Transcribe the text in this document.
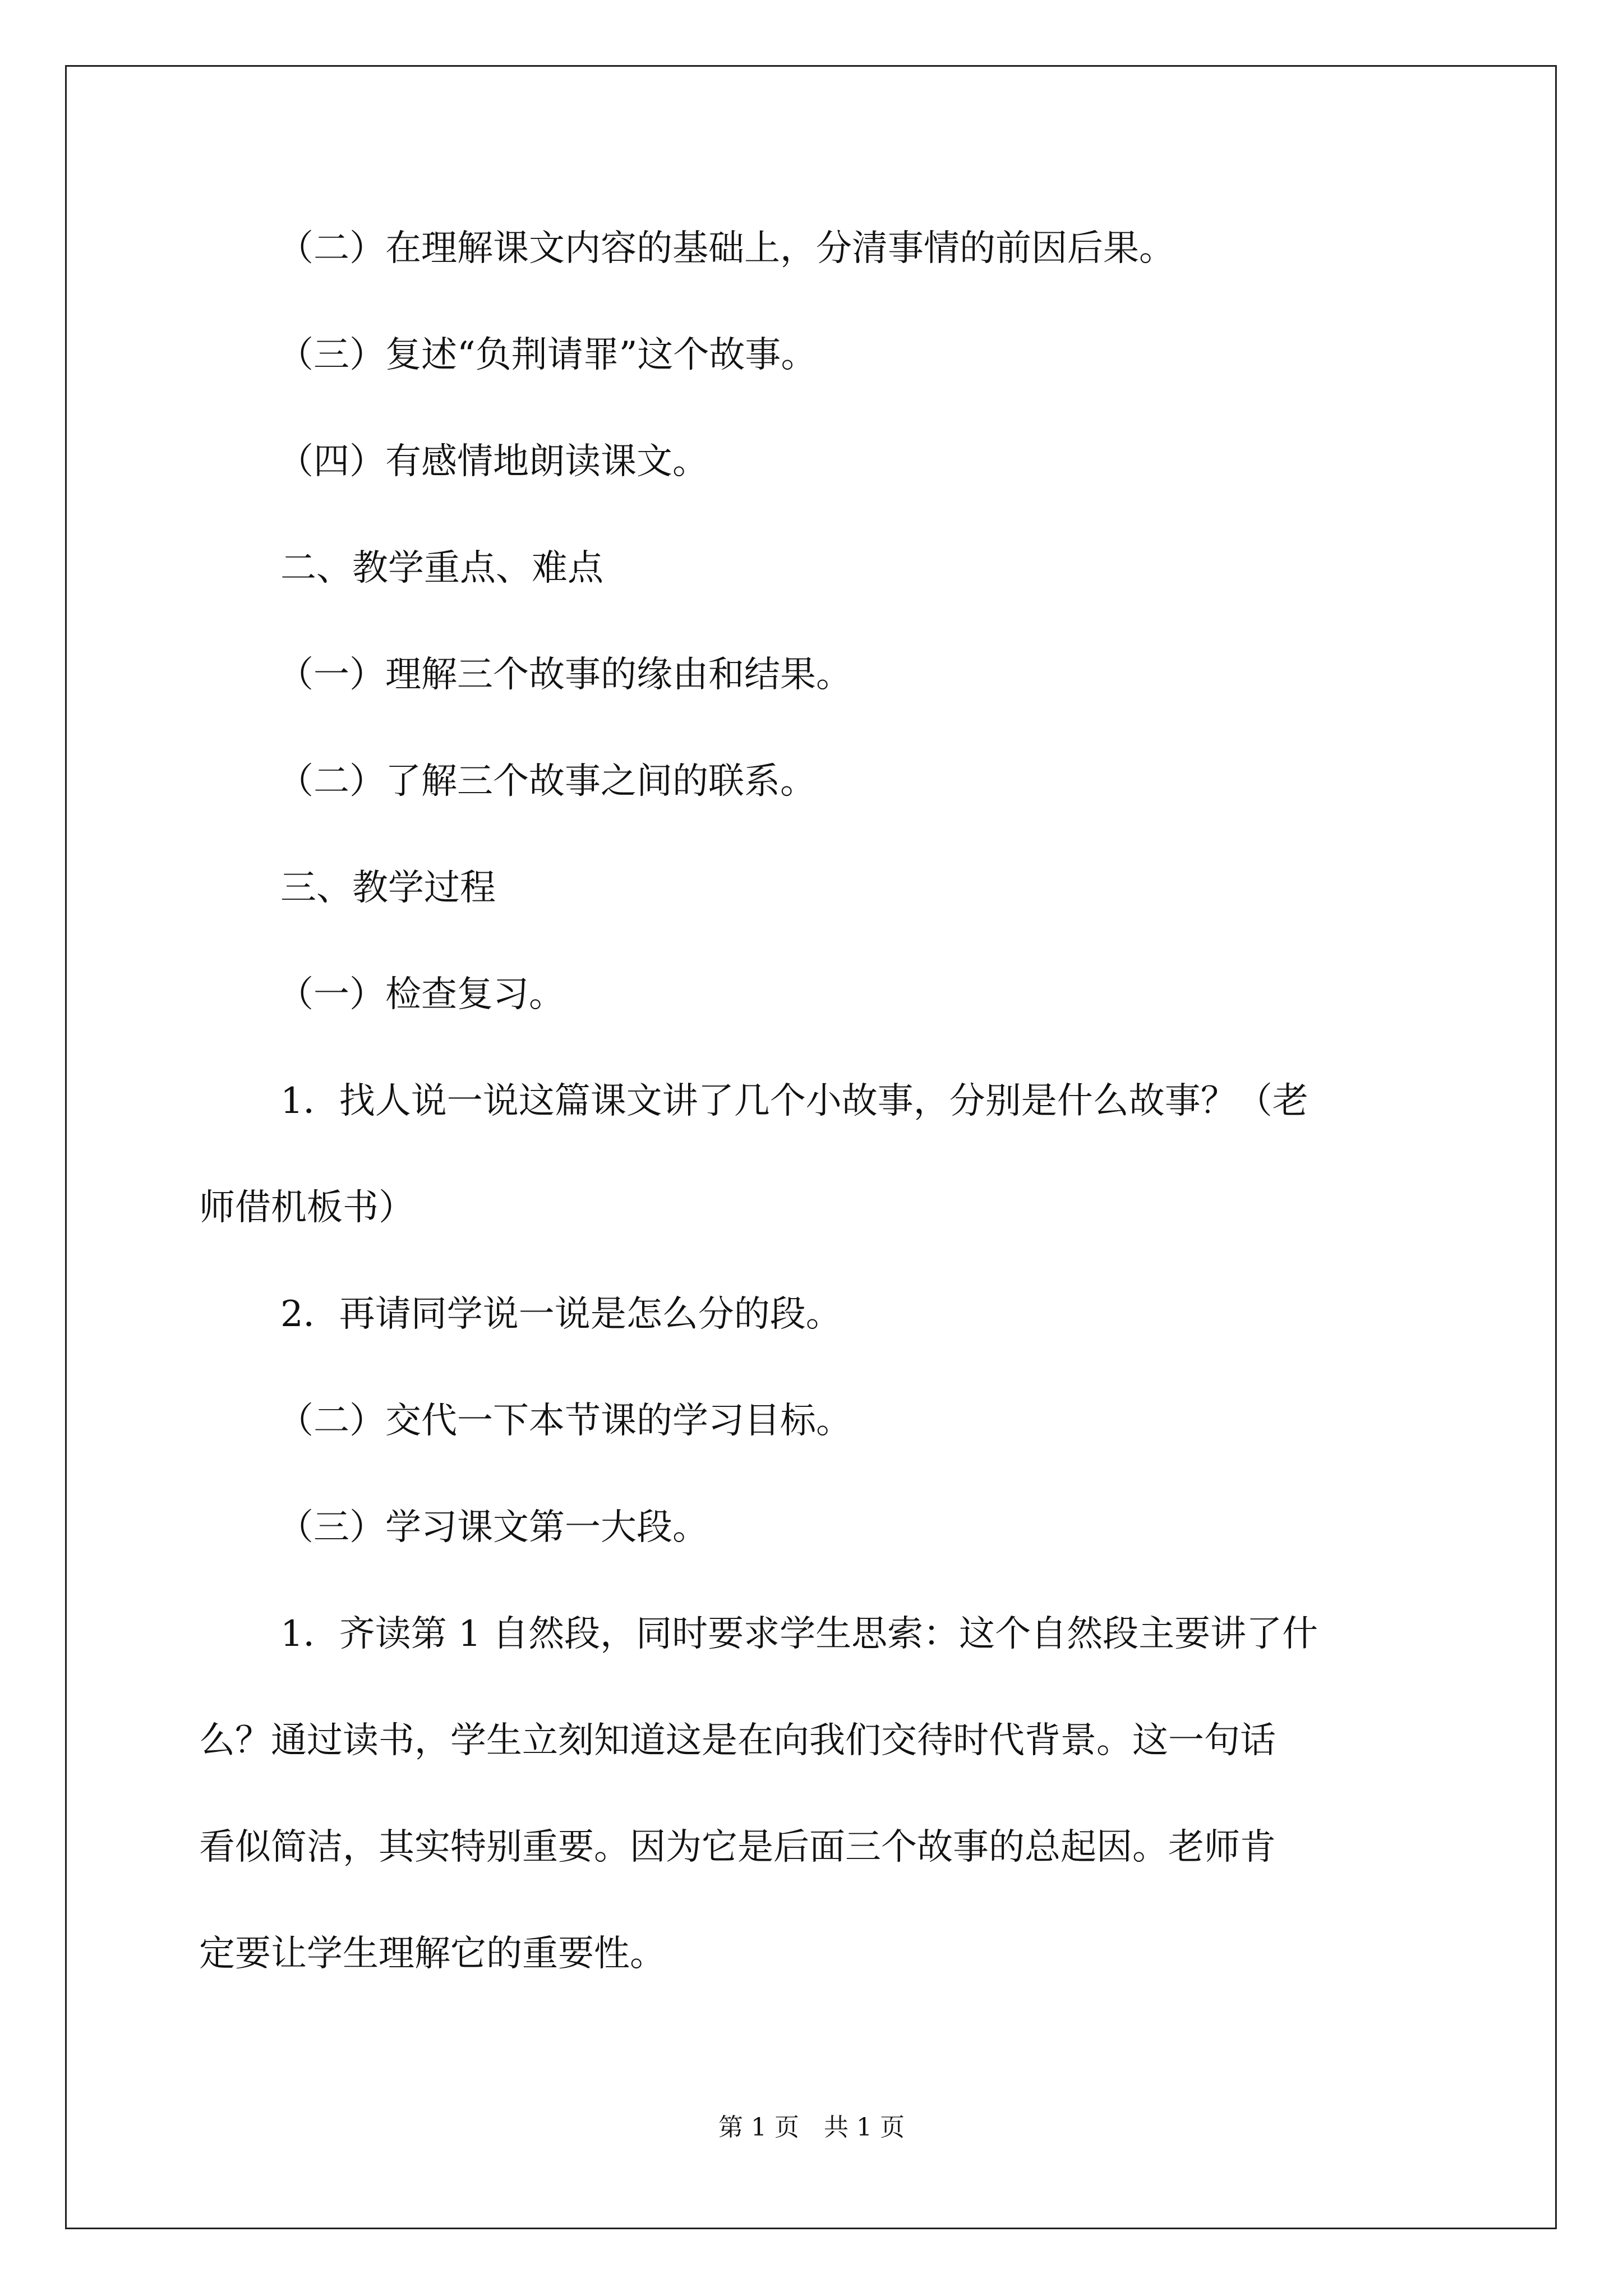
（二）在理解课文内容的基础上，分清事情的前因后果。
（三）复述“负荆请罪”这个故事。
（四）有感情地朗读课文。
二、教学重点、难点
（一）理解三个故事的缘由和结果。
（二）了解三个故事之间的联系。
三、教学过程
（一）检查复习。
1．找人说一说这篇课文讲了几个小故事，分别是什么故事？（老
师借机板书）
2．再请同学说一说是怎么分的段。
（二）交代一下本节课的学习目标。
（三）学习课文第一大段。
1．齐读第 1 自然段，同时要求学生思索：这个自然段主要讲了什
么？通过读书，学生立刻知道这是在向我们交待时代背景。这一句话
看似简洁，其实特别重要。因为它是后面三个故事的总起因。老师肯
定要让学生理解它的重要性。
第 1 页 共 1 页
